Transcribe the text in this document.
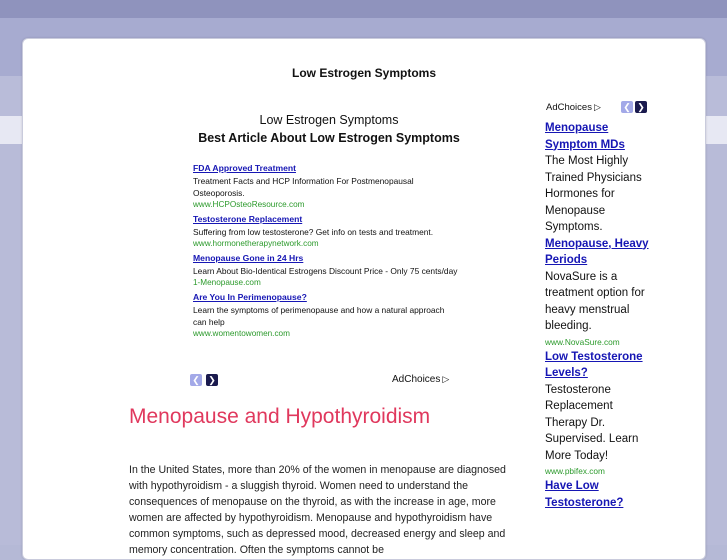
Low Estrogen Symptoms
Low Estrogen Symptoms
Best Article About Low Estrogen Symptoms
FDA Approved Treatment
Treatment Facts and HCP Information For Postmenopausal Osteoporosis.
www.HCPOsteoResource.com
Testosterone Replacement
Suffering from low testosterone? Get info on tests and treatment.
www.hormonetherapynetwork.com
Menopause Gone in 24 Hrs
Learn About Bio-Identical Estrogens Discount Price - Only 75 cents/day
1-Menopause.com
Are You In Perimenopause?
Learn the symptoms of perimenopause and how a natural approach can help
www.womentowomen.com
❮ ❯	AdChoices ▷
Menopause and Hypothyroidism
In the United States, more than 20% of the women in menopause are diagnosed with hypothyroidism - a sluggish thyroid. Women need to understand the consequences of menopause on the thyroid, as with the increase in age, more women are affected by hypothyroidism. Menopause and hypothyroidism have common symptoms, such as depressed mood, decreased energy and sleep and memory concentration. Often the symptoms cannot be
AdChoices ▷ ❮ ❯
Menopause Symptom MDs
The Most Highly Trained Physicians Hormones for Menopause Symptoms.
Menopause, Heavy Periods
NovaSure is a treatment option for heavy menstrual bleeding.
www.NovaSure.com
Low Testosterone Levels?
Testosterone Replacement Therapy Dr. Supervised. Learn More Today!
www.pbifex.com
Have Low Testosterone?
